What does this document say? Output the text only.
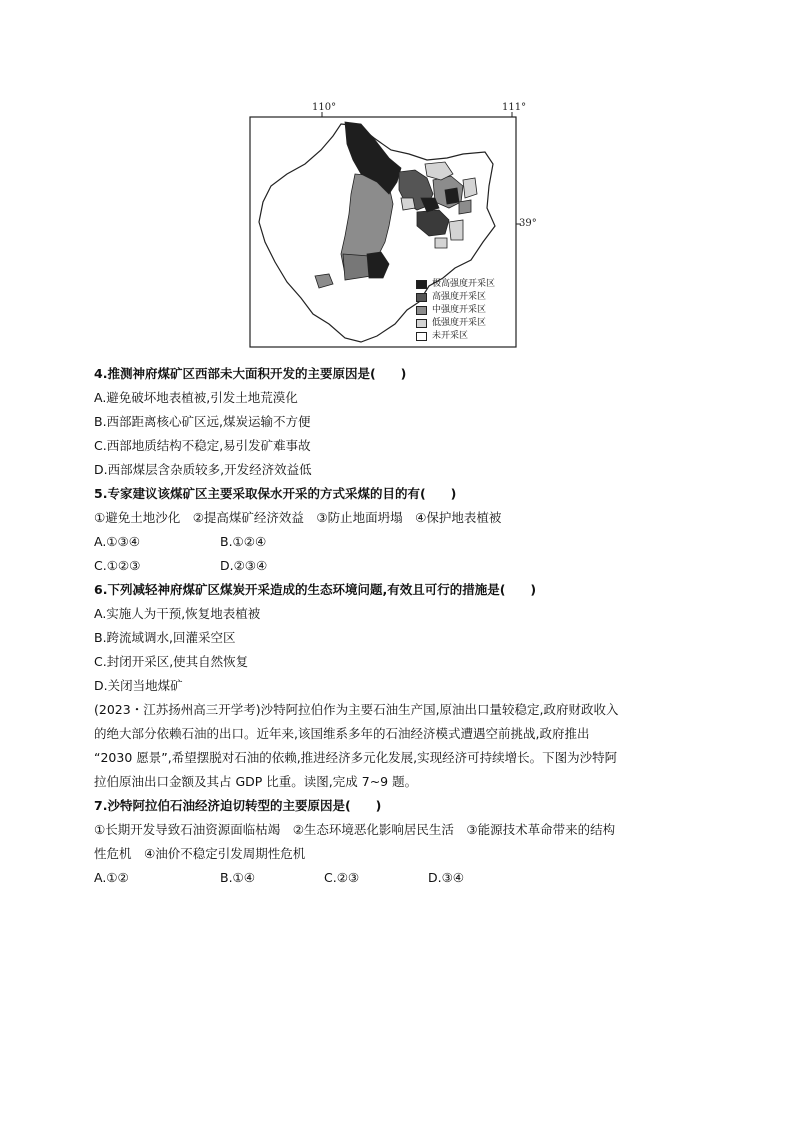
110°	111°
39°
极高强度开采区
高强度开采区
中强度开采区
低强度开采区
未开采区
4.推测神府煤矿区西部未大面积开发的主要原因是(　　)
A.避免破坏地表植被,引发土地荒漠化
B.西部距离核心矿区远,煤炭运输不方便
C.西部地质结构不稳定,易引发矿难事故
D.西部煤层含杂质较多,开发经济效益低
5.专家建议该煤矿区主要采取保水开采的方式采煤的目的有(　　)
①避免土地沙化　②提高煤矿经济效益　③防止地面坍塌　④保护地表植被
A.①③④	B.①②④
C.①②③	D.②③④
6.下列减轻神府煤矿区煤炭开采造成的生态环境问题,有效且可行的措施是(　　)
A.实施人为干预,恢复地表植被
B.跨流域调水,回灌采空区
C.封闭开采区,使其自然恢复
D.关闭当地煤矿
(2023・江苏扬州高三开学考)沙特阿拉伯作为主要石油生产国,原油出口量较稳定,政府财政收入
的绝大部分依赖石油的出口。近年来,该国维系多年的石油经济模式遭遇空前挑战,政府推出
“2030 愿景”,希望摆脱对石油的依赖,推进经济多元化发展,实现经济可持续增长。下图为沙特阿
拉伯原油出口金额及其占 GDP 比重。读图,完成 7~9 题。
7.沙特阿拉伯石油经济迫切转型的主要原因是(　　)
①长期开发导致石油资源面临枯竭　②生态环境恶化影响居民生活　③能源技术革命带来的结构
性危机　④油价不稳定引发周期性危机
A.①②	B.①④	C.②③	D.③④
